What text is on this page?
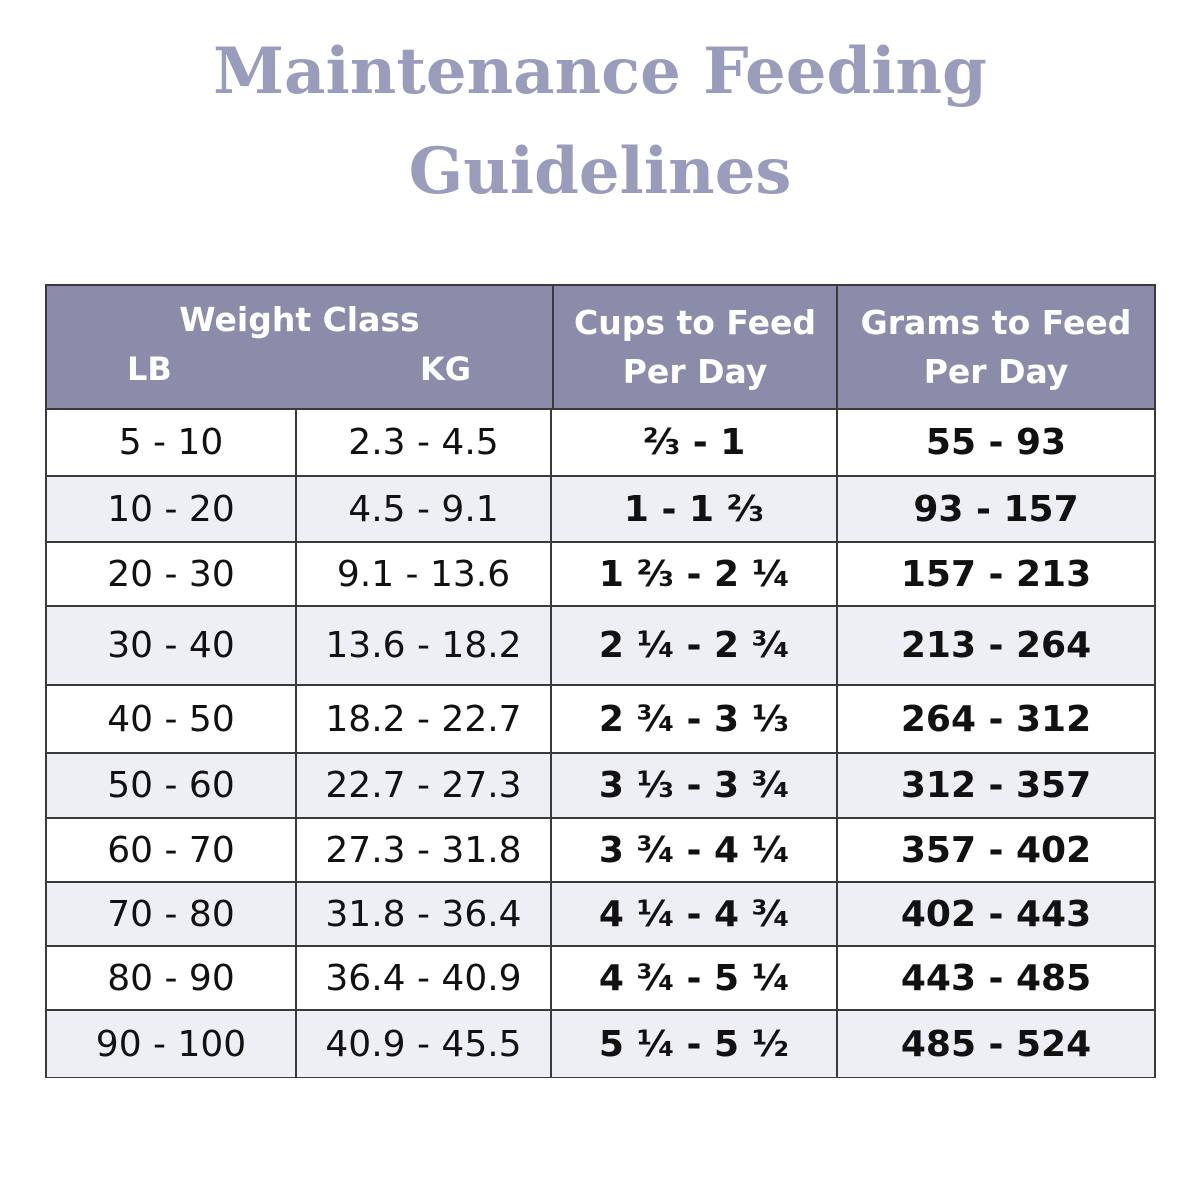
Maintenance Feeding
Guidelines
Weight Class
LB	KG
Cups to Feed
Per Day
Grams to Feed
Per Day
5 - 10	2.3 - 4.5	²⁄₃ - 1	55 - 93
10 - 20	4.5 - 9.1	1 - 1 ²⁄₃	93 - 157
20 - 30	9.1 - 13.6	1 ²⁄₃ - 2 ¹⁄₄	157 - 213
30 - 40	13.6 - 18.2	2 ¹⁄₄ - 2 ³⁄₄	213 - 264
40 - 50	18.2 - 22.7	2 ³⁄₄ - 3 ¹⁄₃	264 - 312
50 - 60	22.7 - 27.3	3 ¹⁄₃ - 3 ³⁄₄	312 - 357
60 - 70	27.3 - 31.8	3 ³⁄₄ - 4 ¹⁄₄	357 - 402
70 - 80	31.8 - 36.4	4 ¹⁄₄ - 4 ³⁄₄	402 - 443
80 - 90	36.4 - 40.9	4 ³⁄₄ - 5 ¹⁄₄	443 - 485
90 - 100	40.9 - 45.5	5 ¹⁄₄ - 5 ¹⁄₂	485 - 524
